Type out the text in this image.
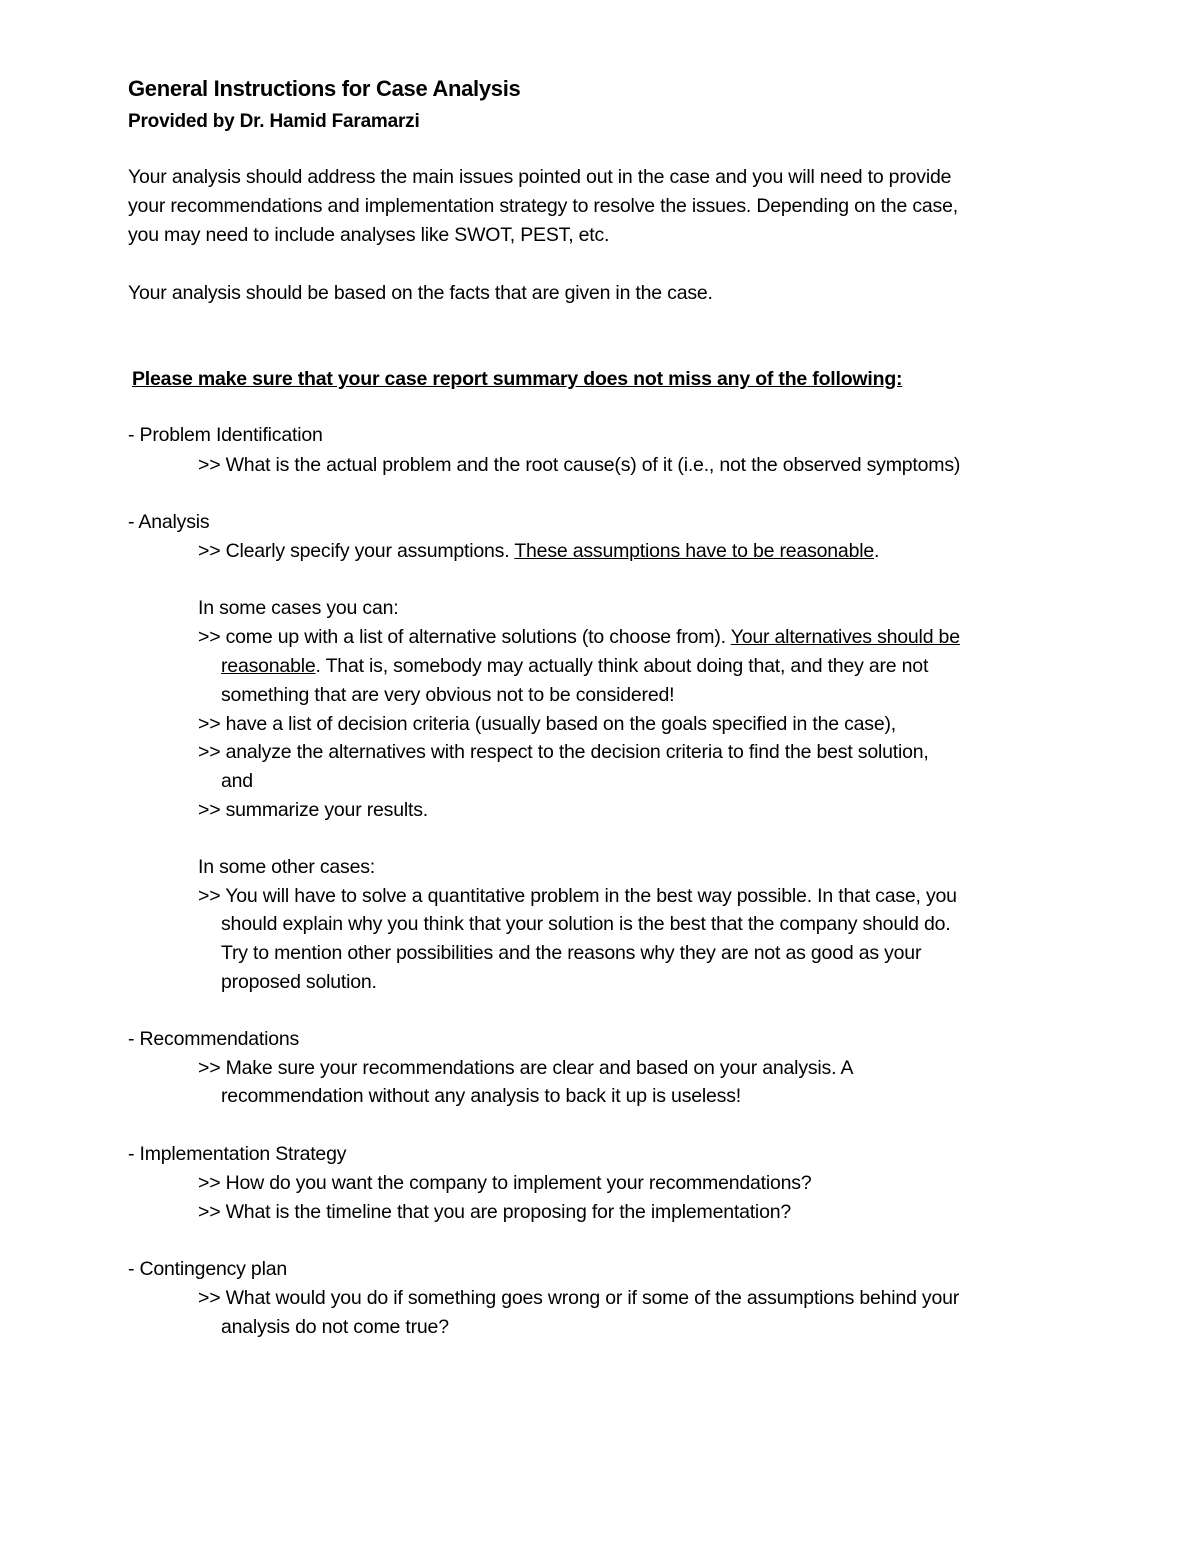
General Instructions for Case Analysis
Provided by Dr. Hamid Faramarzi
Your analysis should address the main issues pointed out in the case and you will need to provide
your recommendations and implementation strategy to resolve the issues. Depending on the case,
you may need to include analyses like SWOT, PEST, etc.
Your analysis should be based on the facts that are given in the case.
Please make sure that your case report summary does not miss any of the following:
- Problem Identification
>> What is the actual problem and the root cause(s) of it (i.e., not the observed symptoms)
- Analysis
>> Clearly specify your assumptions. These assumptions have to be reasonable.
In some cases you can:
>> come up with a list of alternative solutions (to choose from). Your alternatives should be
reasonable. That is, somebody may actually think about doing that, and they are not
something that are very obvious not to be considered!
>> have a list of decision criteria (usually based on the goals specified in the case),
>> analyze the alternatives with respect to the decision criteria to find the best solution,
and
>> summarize your results.
In some other cases:
>> You will have to solve a quantitative problem in the best way possible. In that case, you
should explain why you think that your solution is the best that the company should do.
Try to mention other possibilities and the reasons why they are not as good as your
proposed solution.
- Recommendations
>> Make sure your recommendations are clear and based on your analysis. A
recommendation without any analysis to back it up is useless!
- Implementation Strategy
>> How do you want the company to implement your recommendations?
>> What is the timeline that you are proposing for the implementation?
- Contingency plan
>> What would you do if something goes wrong or if some of the assumptions behind your
analysis do not come true?
